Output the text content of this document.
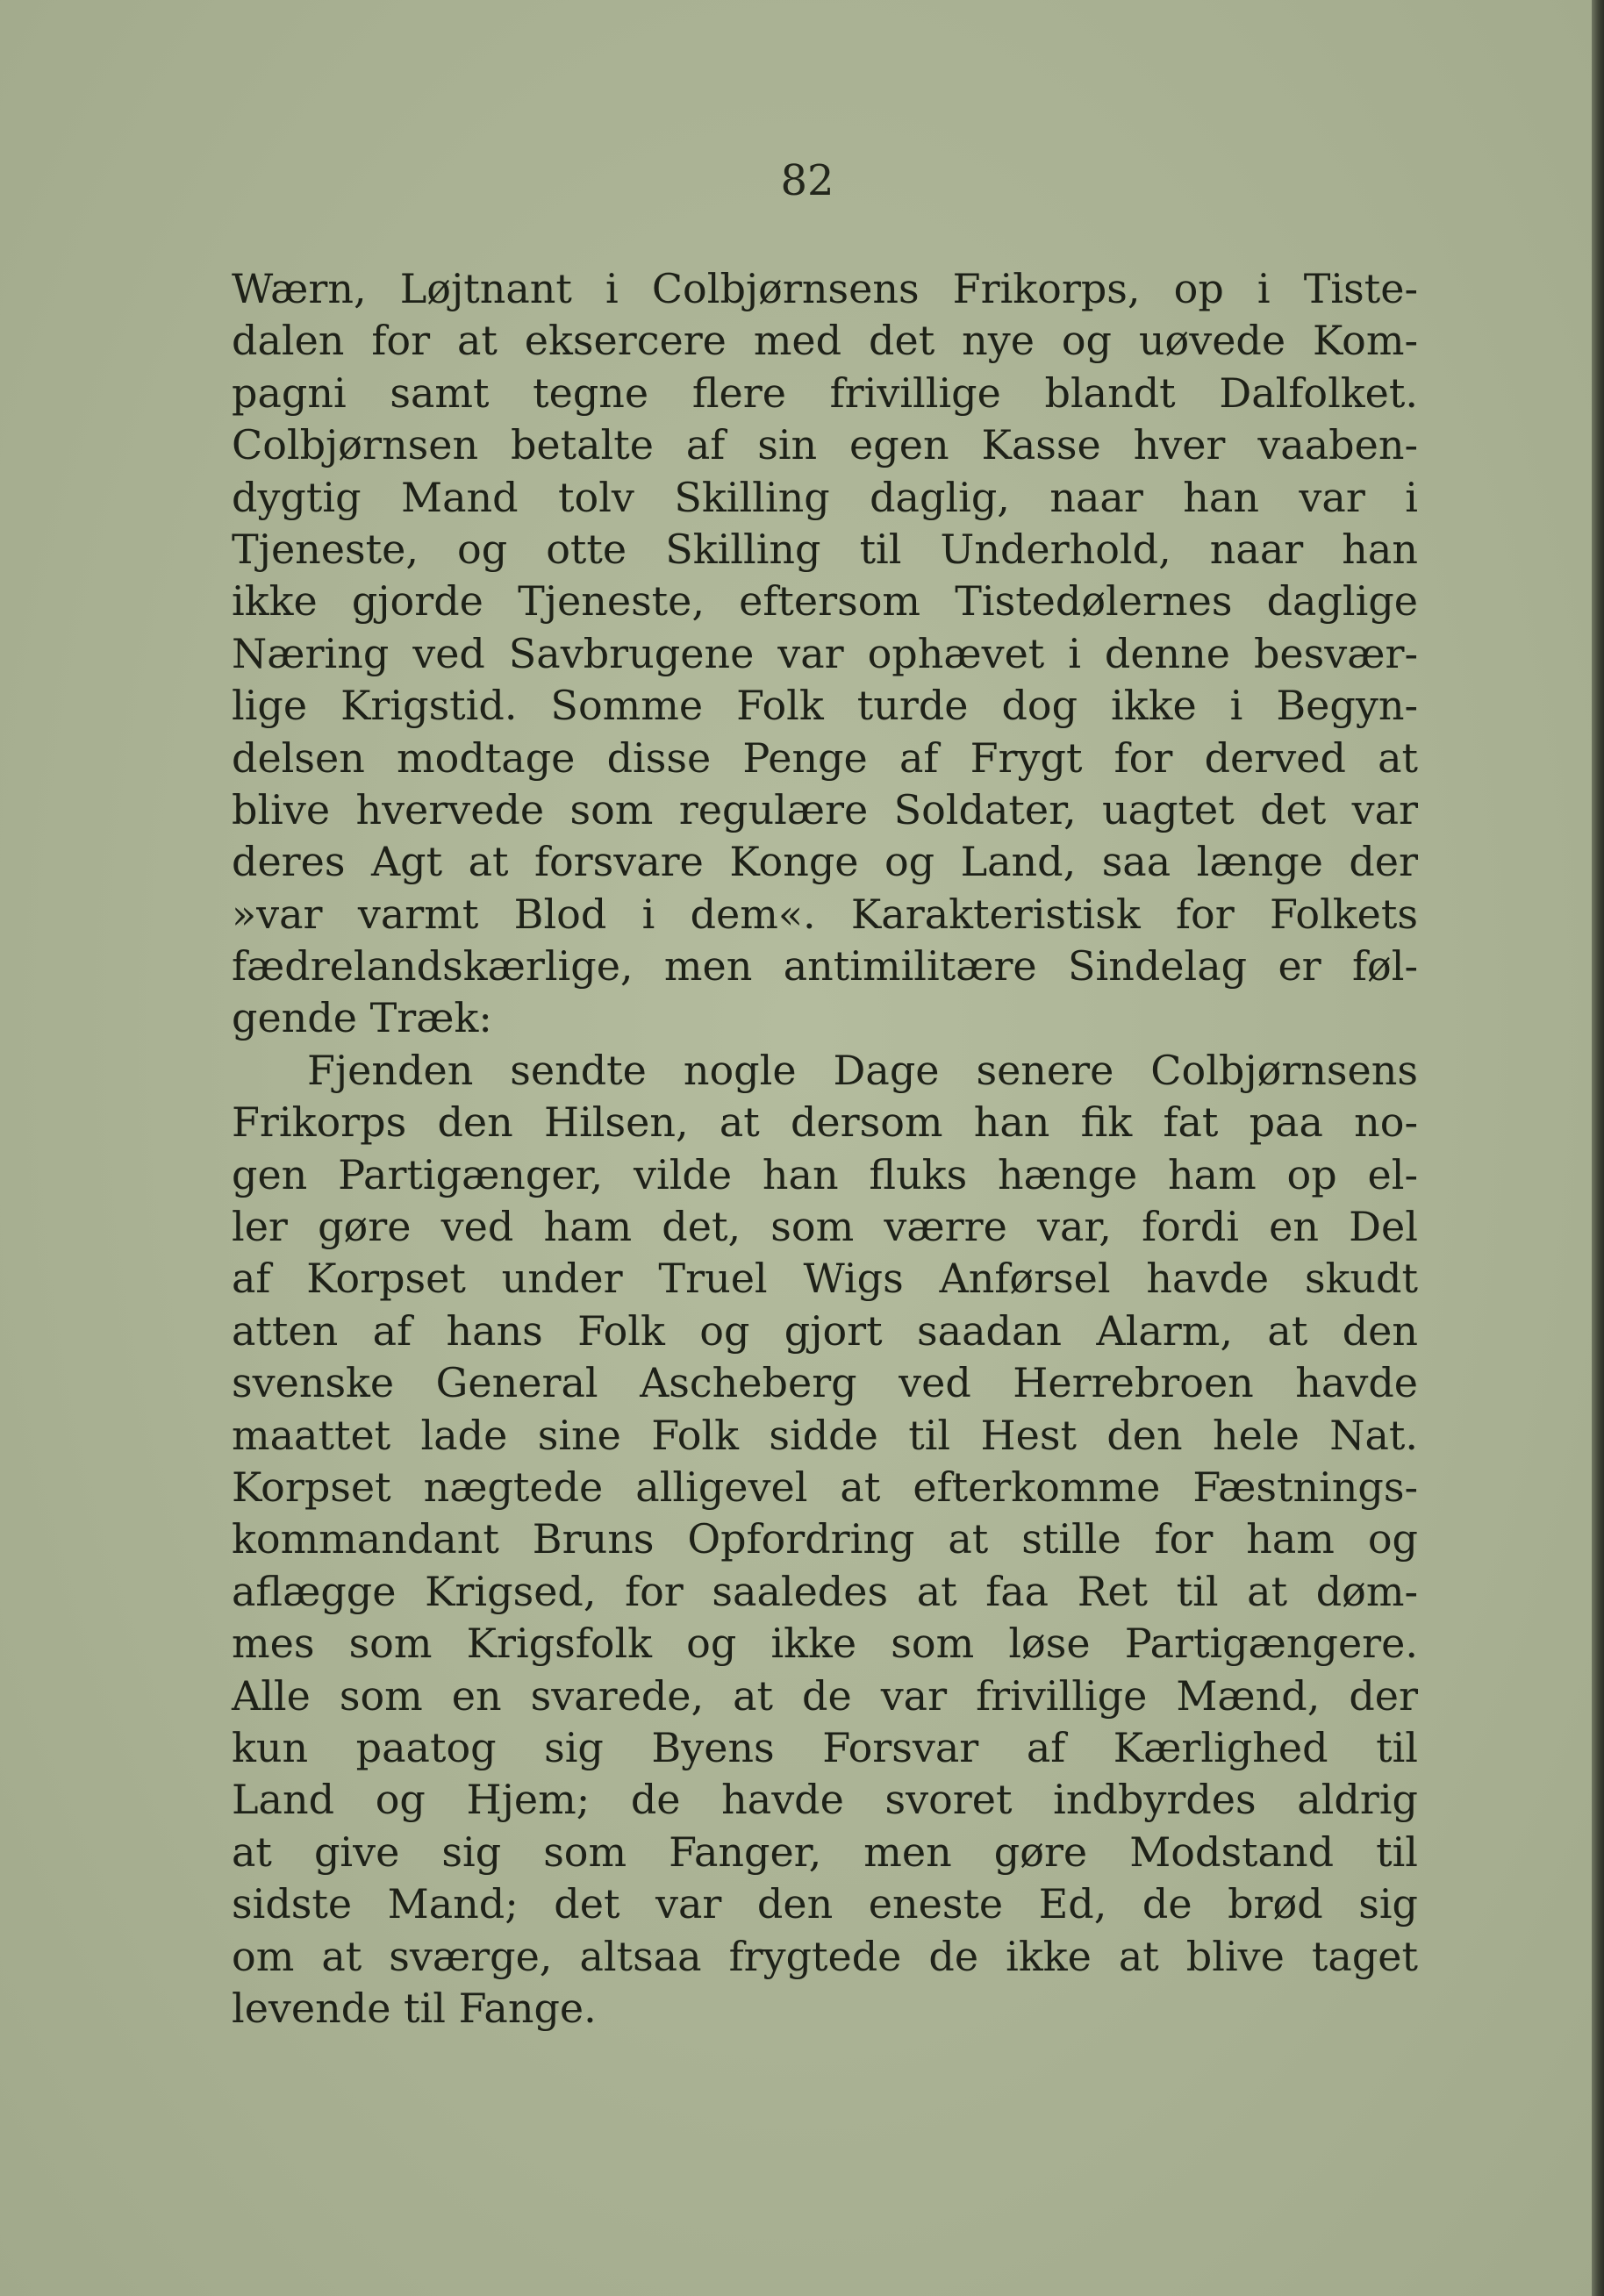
82
Wærn, Løjtnant i Colbjørnsens Frikorps, op i Tiste-
dalen for at eksercere med det nye og uøvede Kom-
pagni samt tegne flere frivillige blandt Dalfolket.
Colbjørnsen betalte af sin egen Kasse hver vaaben-
dygtig Mand tolv Skilling daglig, naar han var i
Tjeneste, og otte Skilling til Underhold, naar han
ikke gjorde Tjeneste, eftersom Tistedølernes daglige
Næring ved Savbrugene var ophævet i denne besvær-
lige Krigstid. Somme Folk turde dog ikke i Begyn-
delsen modtage disse Penge af Frygt for derved at
blive hvervede som regulære Soldater, uagtet det var
deres Agt at forsvare Konge og Land, saa længe der
»var varmt Blod i dem«. Karakteristisk for Folkets
fædrelandskærlige, men antimilitære Sindelag er føl-
gende Træk:
Fjenden sendte nogle Dage senere Colbjørnsens
Frikorps den Hilsen, at dersom han fik fat paa no-
gen Partigænger, vilde han fluks hænge ham op el-
ler gøre ved ham det, som værre var, fordi en Del
af Korpset under Truel Wigs Anførsel havde skudt
atten af hans Folk og gjort saadan Alarm, at den
svenske General Ascheberg ved Herrebroen havde
maattet lade sine Folk sidde til Hest den hele Nat.
Korpset nægtede alligevel at efterkomme Fæstnings-
kommandant Bruns Opfordring at stille for ham og
aflægge Krigsed, for saaledes at faa Ret til at døm-
mes som Krigsfolk og ikke som løse Partigængere.
Alle som en svarede, at de var frivillige Mænd, der
kun paatog sig Byens Forsvar af Kærlighed til
Land og Hjem; de havde svoret indbyrdes aldrig
at give sig som Fanger, men gøre Modstand til
sidste Mand; det var den eneste Ed, de brød sig
om at sværge, altsaa frygtede de ikke at blive taget
levende til Fange.
